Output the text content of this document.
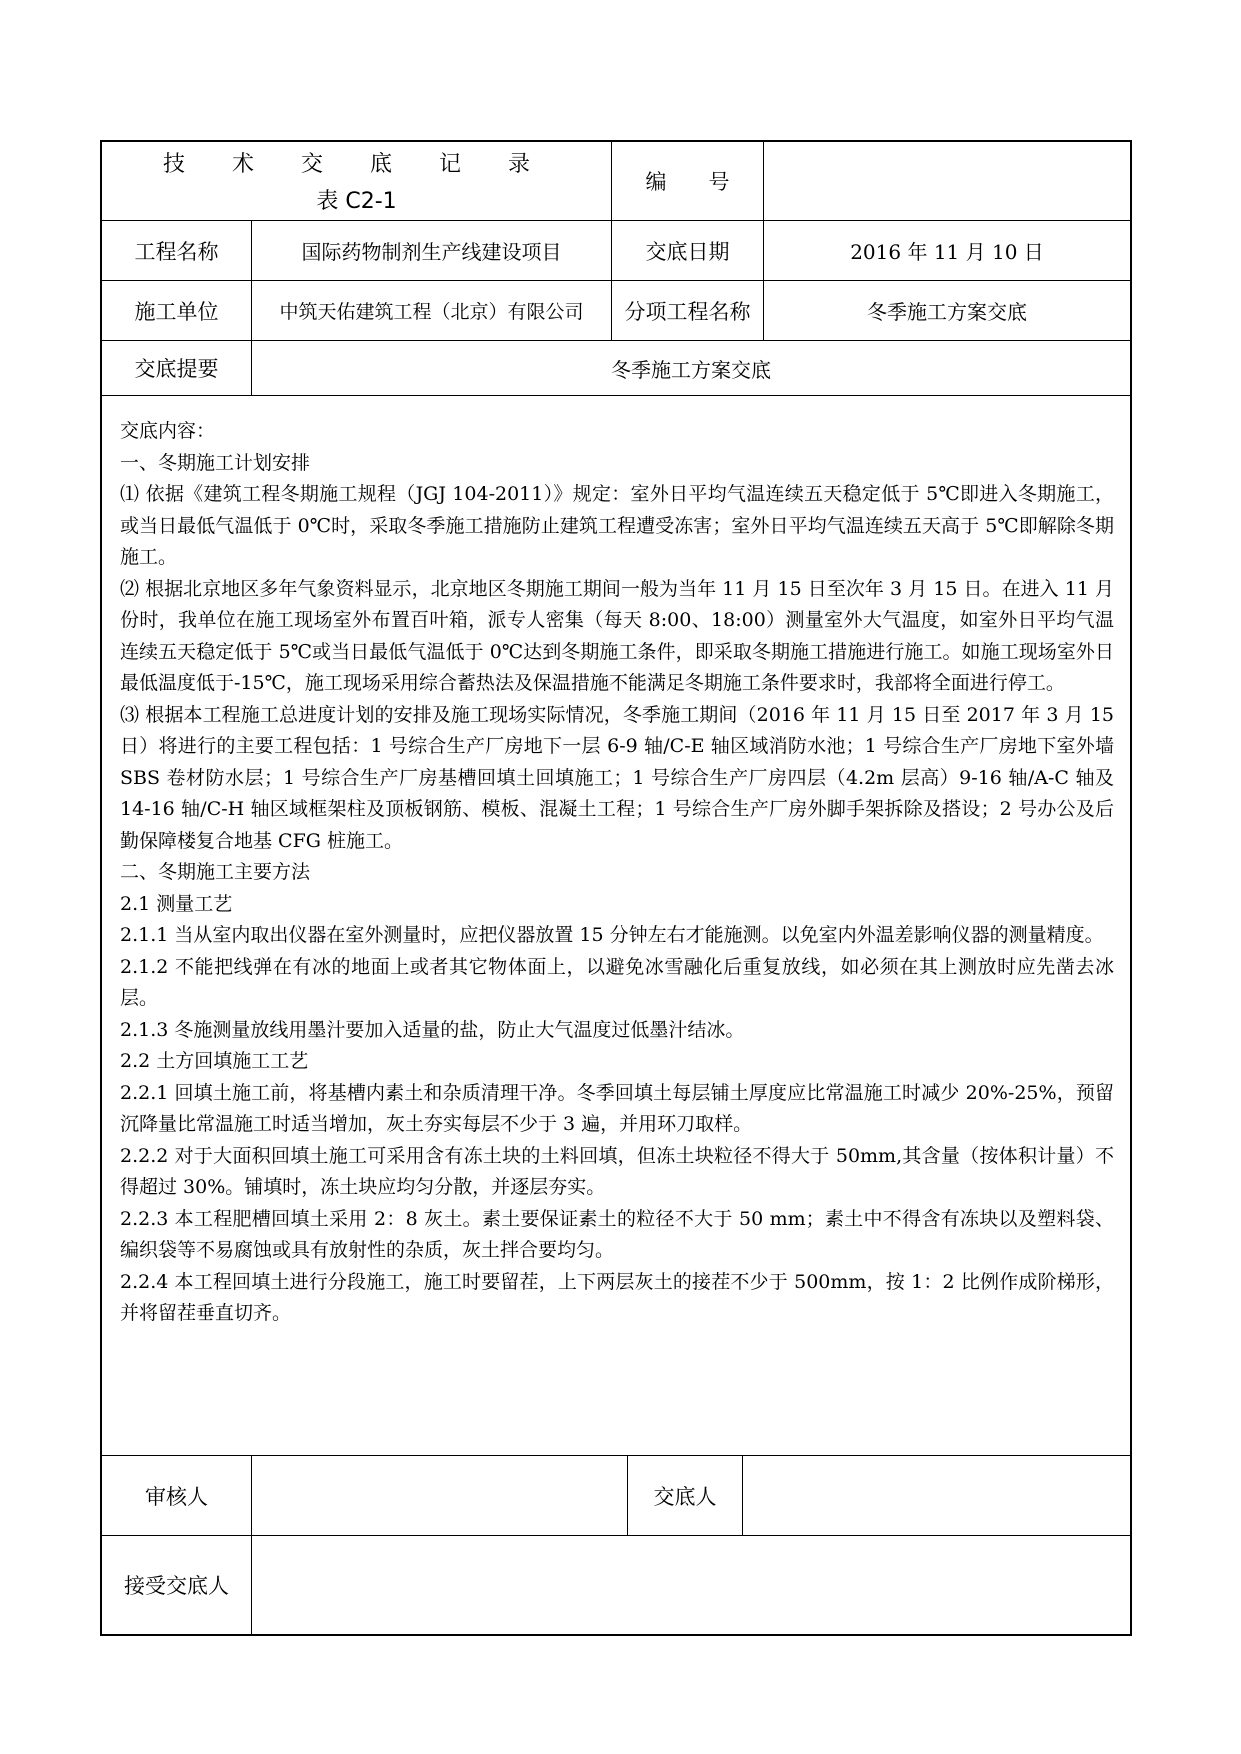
技 术 交 底 记 录
表 C2-1
编　　号
工程名称	国际药物制剂生产线建设项目	交底日期	2016 年 11 月 10 日
施工单位	中筑天佑建筑工程（北京）有限公司	分项工程名称	冬季施工方案交底
交底提要	冬季施工方案交底

交底内容：

一、冬期施工计划安排

⑴ 依据《建筑工程冬期施工规程（JGJ 104-2011）》规定：室外日平均气温连续五天稳定低于 5℃即进入冬期施工，或当日最低气温低于 0℃时，采取冬季施工措施防止建筑工程遭受冻害；室外日平均气温连续五天高于 5℃即解除冬期施工。

⑵ 根据北京地区多年气象资料显示，北京地区冬期施工期间一般为当年 11 月 15 日至次年 3 月 15 日。在进入 11 月份时，我单位在施工现场室外布置百叶箱，派专人密集（每天 8:00、18:00）测量室外大气温度，如室外日平均气温连续五天稳定低于 5℃或当日最低气温低于 0℃达到冬期施工条件，即采取冬期施工措施进行施工。如施工现场室外日最低温度低于-15℃，施工现场采用综合蓄热法及保温措施不能满足冬期施工条件要求时，我部将全面进行停工。

⑶ 根据本工程施工总进度计划的安排及施工现场实际情况，冬季施工期间（2016 年 11 月 15 日至 2017 年 3 月 15 日）将进行的主要工程包括：1 号综合生产厂房地下一层 6-9 轴/C-E 轴区域消防水池；1 号综合生产厂房地下室外墙 SBS 卷材防水层；1 号综合生产厂房基槽回填土回填施工；1 号综合生产厂房四层（4.2m 层高）9-16 轴/A-C 轴及 14-16 轴/C-H 轴区域框架柱及顶板钢筋、模板、混凝土工程；1 号综合生产厂房外脚手架拆除及搭设；2 号办公及后勤保障楼复合地基 CFG 桩施工。

二、冬期施工主要方法

2.1 测量工艺

2.1.1 当从室内取出仪器在室外测量时，应把仪器放置 15 分钟左右才能施测。以免室内外温差影响仪器的测量精度。

2.1.2 不能把线弹在有冰的地面上或者其它物体面上，以避免冰雪融化后重复放线，如必须在其上测放时应先凿去冰层。

2.1.3 冬施测量放线用墨汁要加入适量的盐，防止大气温度过低墨汁结冰。

2.2 土方回填施工工艺

2.2.1 回填土施工前，将基槽内素土和杂质清理干净。冬季回填土每层铺土厚度应比常温施工时减少 20%-25%，预留沉降量比常温施工时适当增加，灰土夯实每层不少于 3 遍，并用环刀取样。

2.2.2 对于大面积回填土施工可采用含有冻土块的土料回填，但冻土块粒径不得大于 50mm,其含量（按体积计量）不得超过 30%。铺填时，冻土块应均匀分散，并逐层夯实。

2.2.3 本工程肥槽回填土采用 2：8 灰土。素土要保证素土的粒径不大于 50 mm；素土中不得含有冻块以及塑料袋、编织袋等不易腐蚀或具有放射性的杂质，灰土拌合要均匀。

2.2.4 本工程回填土进行分段施工，施工时要留茬，上下两层灰土的接茬不少于 500mm，按 1：2 比例作成阶梯形，并将留茬垂直切齐。

审核人	交底人
接受交底人
